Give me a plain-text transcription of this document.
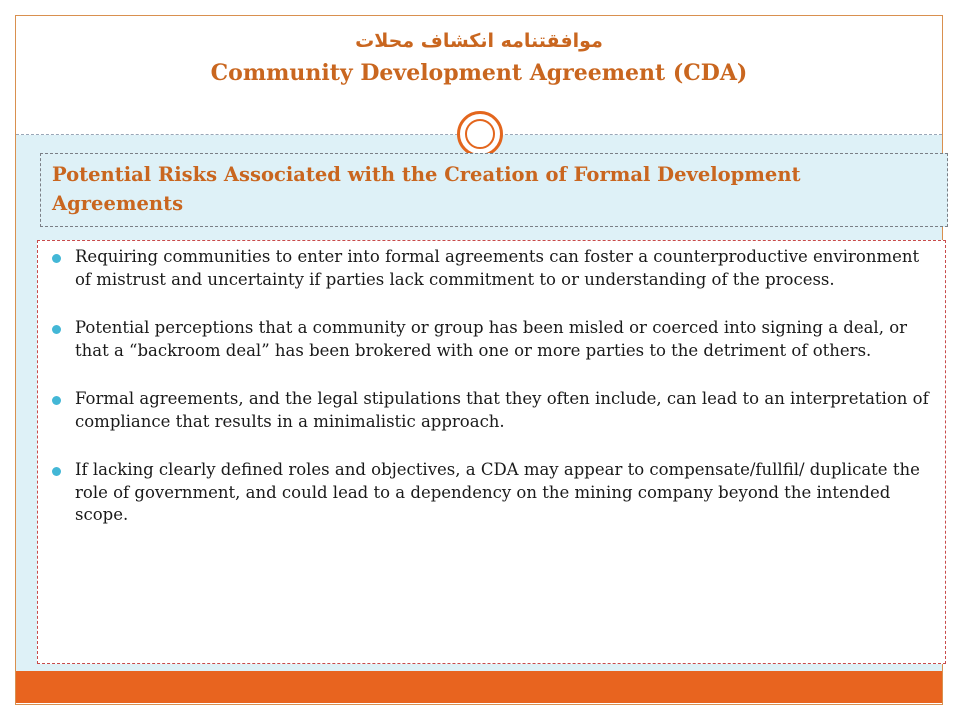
موافقتنامه انکشاف محلات
Community Development Agreement (CDA)
Potential Risks Associated with the Creation of Formal Development Agreements
Requiring communities to enter into formal agreements can foster a counterproductive environment of mistrust and uncertainty if parties lack commitment to or understanding of the process.
Potential perceptions that a community or group has been misled or coerced into signing a deal, or that a “backroom deal” has been brokered with one or more parties to the detriment of others.
Formal agreements, and the legal stipulations that they often include, can lead to an interpretation of compliance that results in a minimalistic approach.
If lacking clearly defined roles and objectives, a CDA may appear to compensate/fullfil/ duplicate the role of government, and could lead to a dependency on the mining company beyond the intended scope.
